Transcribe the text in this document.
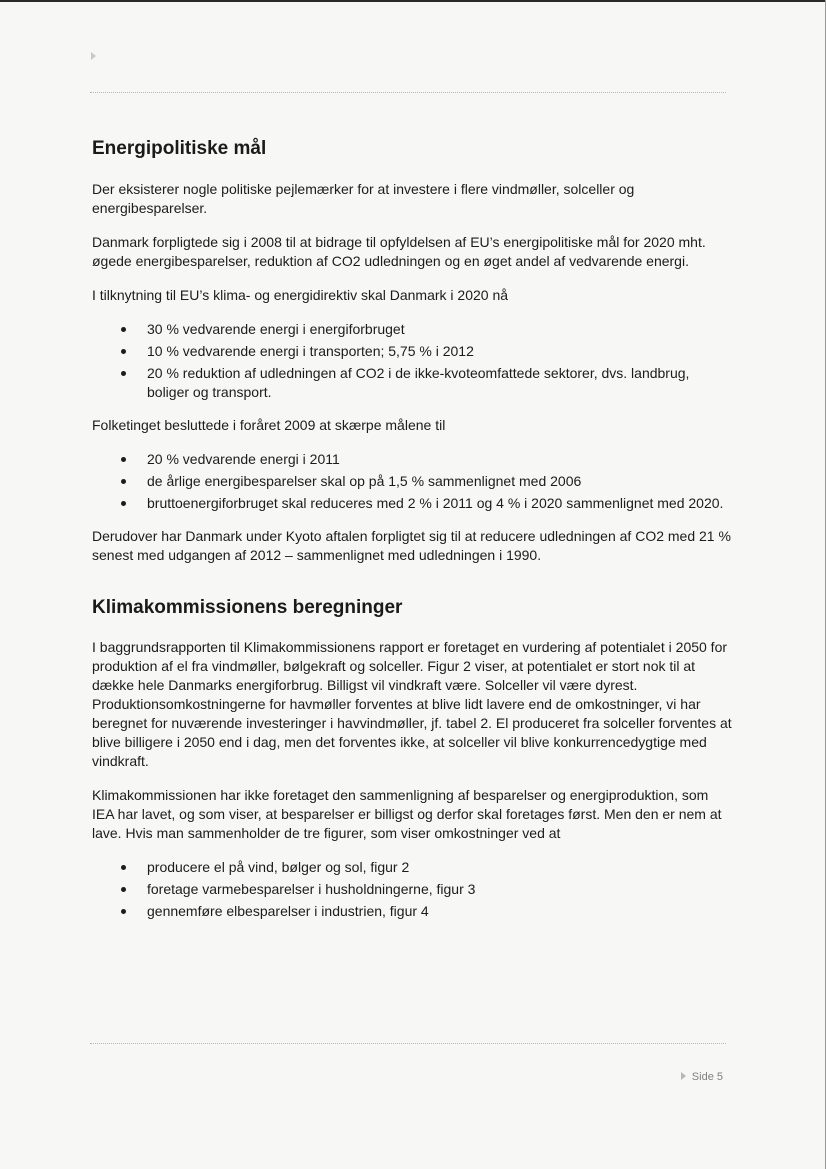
Energipolitiske mål

Der eksisterer nogle politiske pejlemærker for at investere i flere vindmøller, solceller og energibesparelser.

Danmark forpligtede sig i 2008 til at bidrage til opfyldelsen af EU’s energipolitiske mål for 2020 mht. øgede energibesparelser, reduktion af CO2 udledningen og en øget andel af vedvarende energi.

I tilknytning til EU’s klima- og energidirektiv skal Danmark i 2020 nå

30 % vedvarende energi i energiforbruget
10 % vedvarende energi i transporten; 5,75 % i 2012
20 % reduktion af udledningen af CO2 i de ikke-kvoteomfattede sektorer, dvs. landbrug, boliger og transport.

Folketinget besluttede i foråret 2009 at skærpe målene til

20 % vedvarende energi i 2011
de årlige energibesparelser skal op på 1,5 % sammenlignet med 2006
bruttoenergiforbruget skal reduceres med 2 % i 2011 og 4 % i 2020 sammenlignet med 2020.

Derudover har Danmark under Kyoto aftalen forpligtet sig til at reducere udledningen af CO2 med 21 % senest med udgangen af 2012 – sammenlignet med udledningen i 1990.

Klimakommissionens beregninger

I baggrundsrapporten til Klimakommissionens rapport er foretaget en vurdering af potentialet i 2050 for produktion af el fra vindmøller, bølgekraft og solceller. Figur 2 viser, at potentialet er stort nok til at dække hele Danmarks energiforbrug. Billigst vil vindkraft være. Solceller vil være dyrest. Produktionsomkostningerne for havmøller forventes at blive lidt lavere end de omkostninger, vi har beregnet for nuværende investeringer i havvindmøller, jf. tabel 2. El produceret fra solceller forventes at blive billigere i 2050 end i dag, men det forventes ikke, at solceller vil blive konkurrencedygtige med vindkraft.

Klimakommissionen har ikke foretaget den sammenligning af besparelser og energiproduktion, som IEA har lavet, og som viser, at besparelser er billigst og derfor skal foretages først. Men den er nem at lave. Hvis man sammenholder de tre figurer, som viser omkostninger ved at

producere el på vind, bølger og sol, figur 2
foretage varmebesparelser i husholdningerne, figur 3
gennemføre elbesparelser i industrien, figur 4
Side 5
